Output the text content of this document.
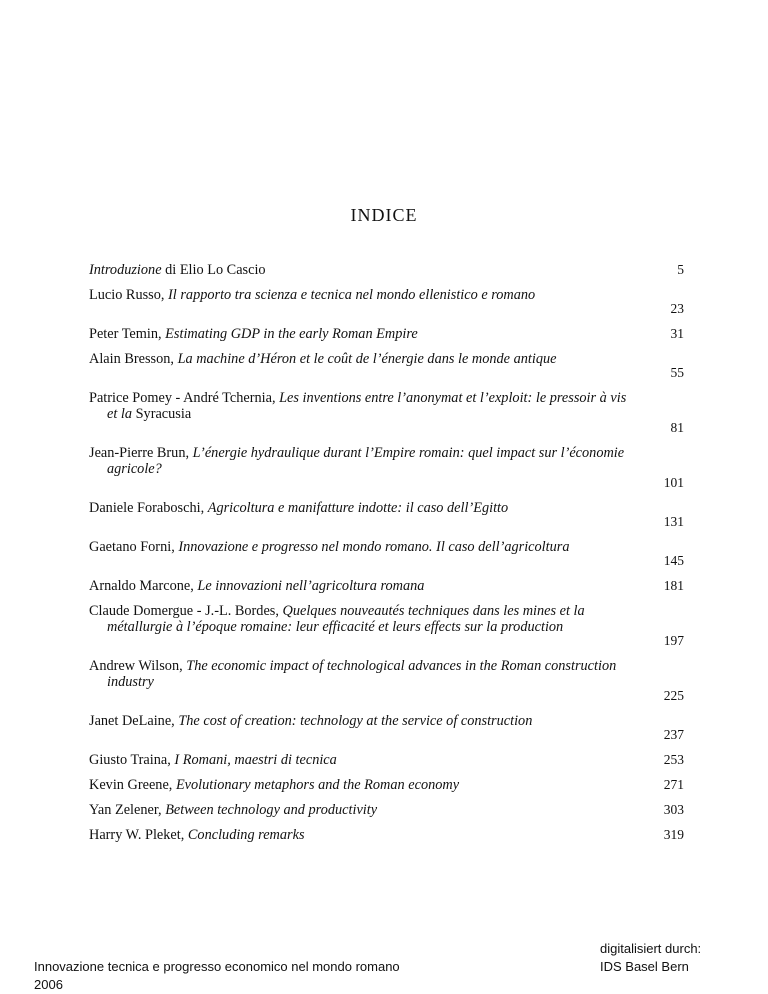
INDICE
Introduzione di Elio Lo Cascio	5
Lucio Russo, Il rapporto tra scienza e tecnica nel mondo ellenistico e romano
23
Peter Temin, Estimating GDP in the early Roman Empire	31
Alain Bresson, La machine d’Héron et le coût de l’énergie dans le monde antique
55
Patrice Pomey - André Tchernia, Les inventions entre l’anonymat et l’exploit: le pressoir à vis et la Syracusia
81
Jean-Pierre Brun, L’énergie hydraulique durant l’Empire romain: quel impact sur l’économie agricole?
101
Daniele Foraboschi, Agricoltura e manifatture indotte: il caso dell’Egitto
131
Gaetano Forni, Innovazione e progresso nel mondo romano. Il caso dell’agricoltura
145
Arnaldo Marcone, Le innovazioni nell’agricoltura romana	181
Claude Domergue - J.-L. Bordes, Quelques nouveautés techniques dans les mines et la métallurgie à l’époque romaine: leur efficacité et leurs effects sur la production
197
Andrew Wilson, The economic impact of technological advances in the Roman construction industry
225
Janet DeLaine, The cost of creation: technology at the service of construction
237
Giusto Traina, I Romani, maestri di tecnica	253
Kevin Greene, Evolutionary metaphors and the Roman economy	271
Yan Zelener, Between technology and productivity	303
Harry W. Pleket, Concluding remarks	319
Innovazione tecnica e progresso economico nel mondo romano
2006
digitalisiert durch:
IDS Basel Bern
